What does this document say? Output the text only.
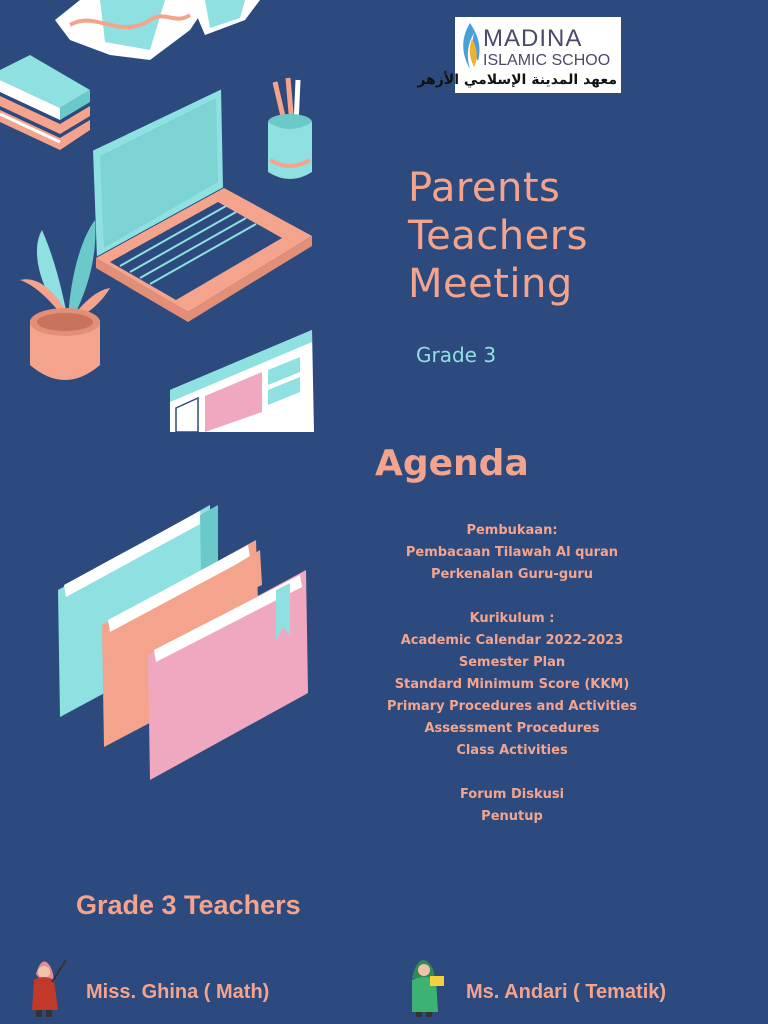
MADINA
ISLAMIC SCHOO
معهد المدينة الإسلامي الأزهر
Parents
Teachers
Meeting
Grade 3
Agenda
Pembukaan:
Pembacaan Tilawah Al quran
Perkenalan Guru-guru
Kurikulum :
Academic Calendar 2022-2023
Semester Plan
Standard Minimum Score (KKM)
Primary Procedures and Activities
Assessment Procedures
Class Activities
Forum Diskusi
Penutup
Grade 3 Teachers
Miss. Ghina ( Math)	Ms. Andari ( Tematik)
